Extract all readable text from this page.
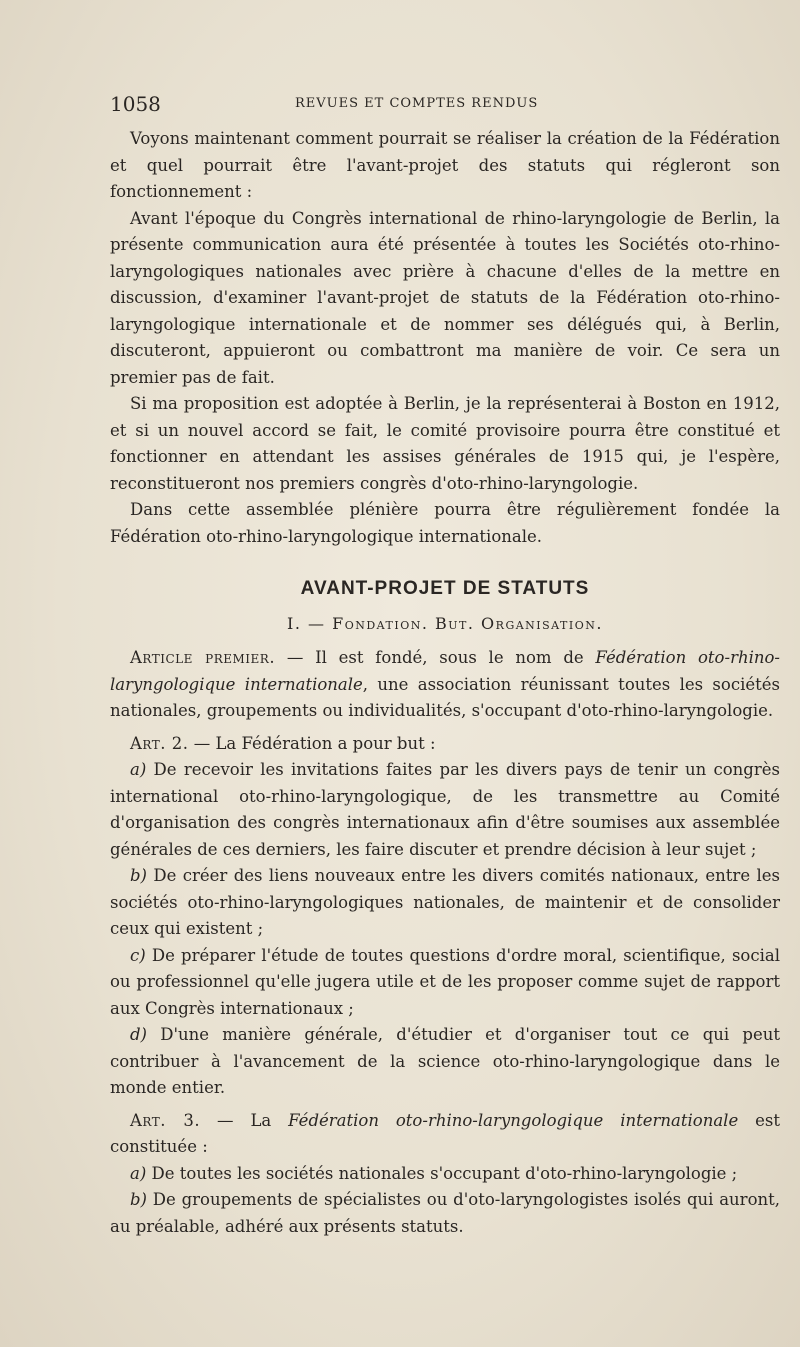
1058	REVUES ET COMPTES RENDUS

Voyons maintenant comment pourrait se réaliser la création de la Fédération et quel pourrait être l'avant-projet des statuts qui régleront son fonctionnement :

Avant l'époque du Congrès international de rhino-laryngologie de Berlin, la présente communication aura été présentée à toutes les Sociétés oto-rhino-laryngologiques nationales avec prière à chacune d'elles de la mettre en discussion, d'examiner l'avant-projet de statuts de la Fédération oto-rhino-laryngologique internationale et de nommer ses délégués qui, à Berlin, discuteront, appuieront ou combattront ma manière de voir. Ce sera un premier pas de fait.

Si ma proposition est adoptée à Berlin, je la représenterai à Boston en 1912, et si un nouvel accord se fait, le comité provisoire pourra être constitué et fonctionner en attendant les assises générales de 1915 qui, je l'espère, reconstitueront nos premiers congrès d'oto-rhino-laryngologie.

Dans cette assemblée plénière pourra être régulièrement fondée la Fédération oto-rhino-laryngologique internationale.

AVANT-PROJET DE STATUTS
I. — Fondation. But. Organisation.

Article premier. — Il est fondé, sous le nom de Fédération oto-rhino-laryngologique internationale, une association réunissant toutes les sociétés nationales, groupements ou individualités, s'occupant d'oto-rhino-laryngologie.

Art. 2. — La Fédération a pour but :

a) De recevoir les invitations faites par les divers pays de tenir un congrès international oto-rhino-laryngologique, de les transmettre au Comité d'organisation des congrès internationaux afin d'être soumises aux assemblée générales de ces derniers, les faire discuter et prendre décision à leur sujet ;

b) De créer des liens nouveaux entre les divers comités nationaux, entre les sociétés oto-rhino-laryngologiques nationales, de maintenir et de consolider ceux qui existent ;

c) De préparer l'étude de toutes questions d'ordre moral, scientifique, social ou professionnel qu'elle jugera utile et de les proposer comme sujet de rapport aux Congrès internationaux ;

d) D'une manière générale, d'étudier et d'organiser tout ce qui peut contribuer à l'avancement de la science oto-rhino-laryngologique dans le monde entier.

Art. 3. — La Fédération oto-rhino-laryngologique internationale est constituée :

a) De toutes les sociétés nationales s'occupant d'oto-rhino-laryngologie ;

b) De groupements de spécialistes ou d'oto-laryngologistes isolés qui auront, au préalable, adhéré aux présents statuts.
